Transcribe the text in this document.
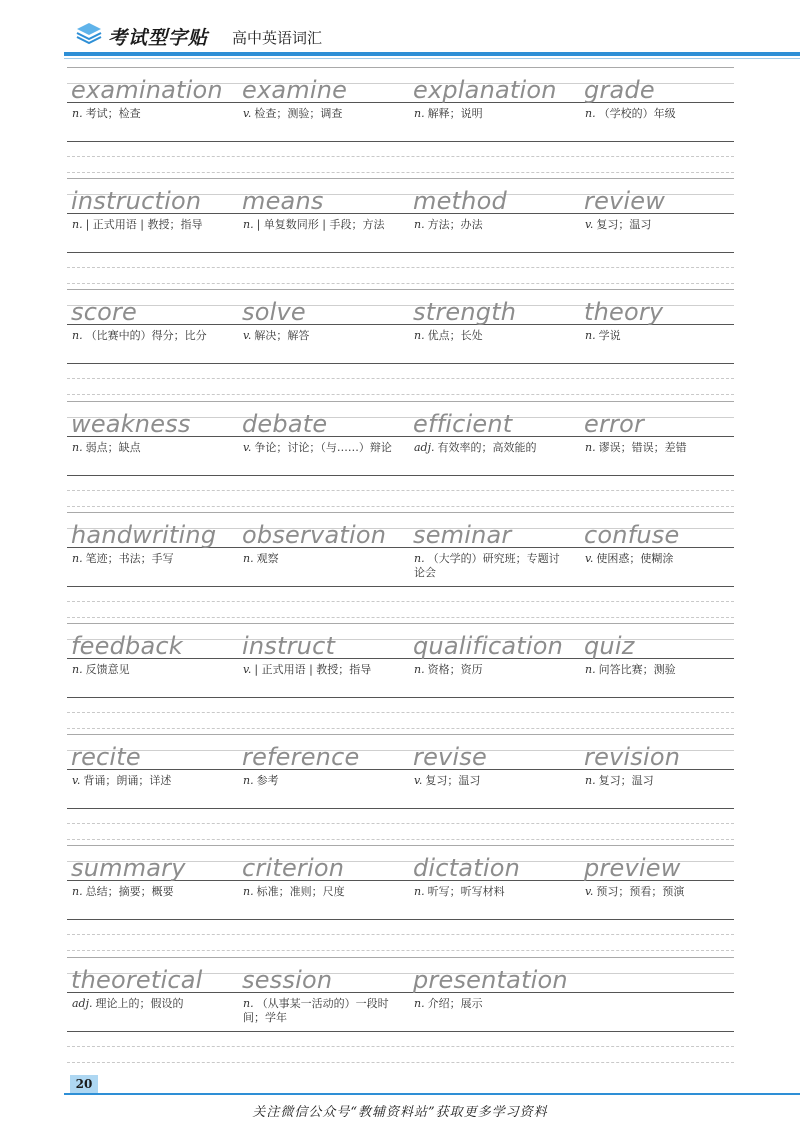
考试型字贴 高中英语词汇
examination
n. 考试；检查
examine
v. 检查；测验；调查
explanation
n. 解释；说明
grade
n. （学校的）年级
instruction
n. | 正式用语 | 教授；指导
means
n. | 单复数同形 | 手段；方法
method
n. 方法；办法
review
v. 复习；温习
score
n. （比赛中的）得分；比分
solve
v. 解决；解答
strength
n. 优点；长处
theory
n. 学说
weakness
n. 弱点；缺点
debate
v. 争论；讨论；（与……）辩论
efficient
adj. 有效率的；高效能的
error
n. 谬误；错误；差错
handwriting
n. 笔迹；书法；手写
observation
n. 观察
seminar
n. （大学的）研究班；专题讨论会
confuse
v. 使困惑；使糊涂
feedback
n. 反馈意见
instruct
v. | 正式用语 | 教授；指导
qualification
n. 资格；资历
quiz
n. 问答比赛；测验
recite
v. 背诵；朗诵；详述
reference
n. 参考
revise
v. 复习；温习
revision
n. 复习；温习
summary
n. 总结；摘要；概要
criterion
n. 标准；准则；尺度
dictation
n. 听写；听写材料
preview
v. 预习；预看；预演
theoretical
adj. 理论上的；假设的
session
n. （从事某一活动的）一段时间；学年
presentation
n. 介绍；展示
20
关注微信公众号“教辅资料站”获取更多学习资料
